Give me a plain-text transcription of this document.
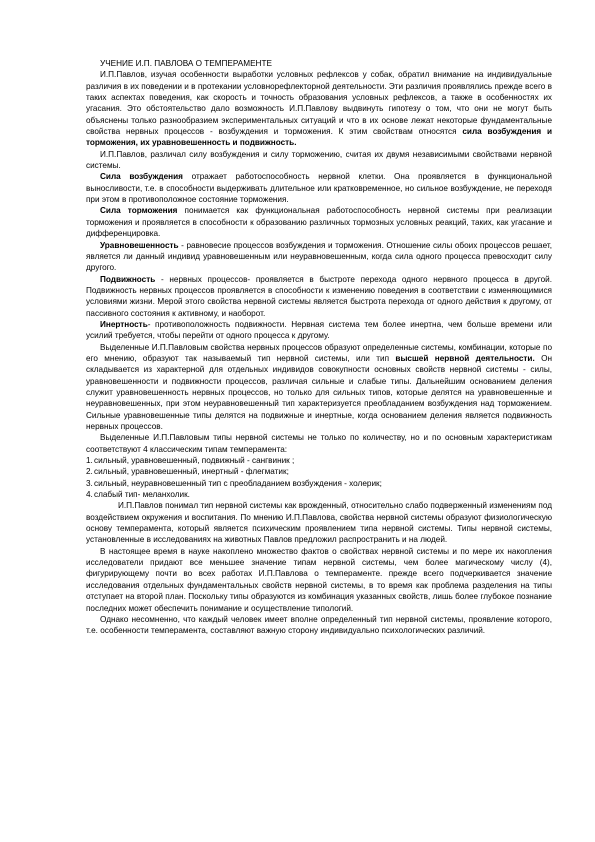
УЧЕНИЕ И.П. ПАВЛОВА О ТЕМПЕРАМЕНТЕ

И.П.Павлов, изучая особенности выработки условных рефлексов у собак, обратил внимание на индивидуальные различия в их поведении и в протекании условнорефлекторной деятельности. Эти различия проявлялись прежде всего в таких аспектах поведения, как скорость и точность образования условных рефлексов, а также в особенностях их угасания. Это обстоятельство дало возможность И.П.Павлову выдвинуть гипотезу о том, что они не могут быть объяснены только разнообразием экспериментальных ситуаций и что в их основе лежат некоторые фундаментальные свойства нервных процессов - возбуждения и торможения. К этим свойствам относятся сила возбуждения и торможения, их уравновешенность и подвижность.

И.П.Павлов, различал силу возбуждения и силу торможению, считая их двумя независимыми свойствами нервной системы.

Сила возбуждения отражает работоспособность нервной клетки. Она проявляется в функциональной выносливости, т.е. в способности выдерживать длительное или кратковременное, но сильное возбуждение, не переходя при этом в противоположное состояние торможения.

Сила торможения понимается как функциональная работоспособность нервной системы при реализации торможения и проявляется в способности к образованию различных тормозных условных реакций, таких, как угасание и дифференцировка.

Уравновешенность - равновесие процессов возбуждения и торможения. Отношение силы обоих процессов решает, является ли данный индивид уравновешенным или неуравновешенным, когда сила одного процесса превосходит силу другого.

Подвижность - нервных процессов- проявляется в быстроте перехода одного нервного процесса в другой. Подвижность нервных процессов проявляется в способности к изменению поведения в соответствии с изменяющимися условиями жизни. Мерой этого свойства нервной системы является быстрота перехода от одного действия к другому, от пассивного состояния к активному, и наоборот.

Инертность- противоположность подвижности. Нервная система тем более инертна, чем больше времени или усилий требуется, чтобы перейти от одного процесса к другому.

Выделенные И.П.Павловым свойства нервных процессов образуют определенные системы, комбинации, которые по его мнению, образуют так называемый тип нервной системы, или тип высшей нервной деятельности. Он складывается из характерной для отдельных индивидов совокупности основных свойств нервной системы - силы, уравновешенности и подвижности процессов, различая сильные и слабые типы. Дальнейшим основанием деления служит уравновешенность нервных процессов, но только для сильных типов, которые делятся на уравновешенные и неуравновешенных, при этом неуравновешенный тип характеризуется преобладанием возбуждения над торможением. Сильные уравновешенные типы делятся на подвижные и инертные, когда основанием деления является подвижность нервных процессов.

Выделенные И.П.Павловым типы нервной системы не только по количеству, но и по основным характеристикам соответствуют 4 классическим типам темперамента:

1. сильный, уравновешенный, подвижный - сангвиник ;
2. сильный, уравновешенный, инертный - флегматик;
3. сильный, неуравновешенный тип с преобладанием возбуждения - холерик;
4. слабый тип- меланхолик.

И.П.Павлов понимал тип нервной системы как врожденный, относительно слабо подверженный изменениям под воздействием окружения и воспитания. По мнению И.П.Павлова, свойства нервной системы образуют физиологическую основу темперамента, который является психическим проявлением типа нервной системы. Типы нервной системы, установленные в исследованиях на животных Павлов предложил распространить и на людей.

В настоящее время в науке накоплено множество фактов о свойствах нервной системы и по мере их накопления исследователи придают все меньшее значение типам нервной системы, чем более магическому числу (4), фигурирующему почти во всех работах И.П.Павлова о темпераменте. прежде всего подчеркивается значение исследования отдельных фундаментальных свойств нервной системы, в то время как проблема разделения на типы отступает на второй план. Поскольку типы образуются из комбинация указанных свойств, лишь более глубокое познание последних может обеспечить понимание и осуществление типологий.

Однако несомненно, что каждый человек имеет вполне определенный тип нервной системы, проявление которого, т.е. особенности темперамента, составляют важную сторону индивидуально психологических различий.
